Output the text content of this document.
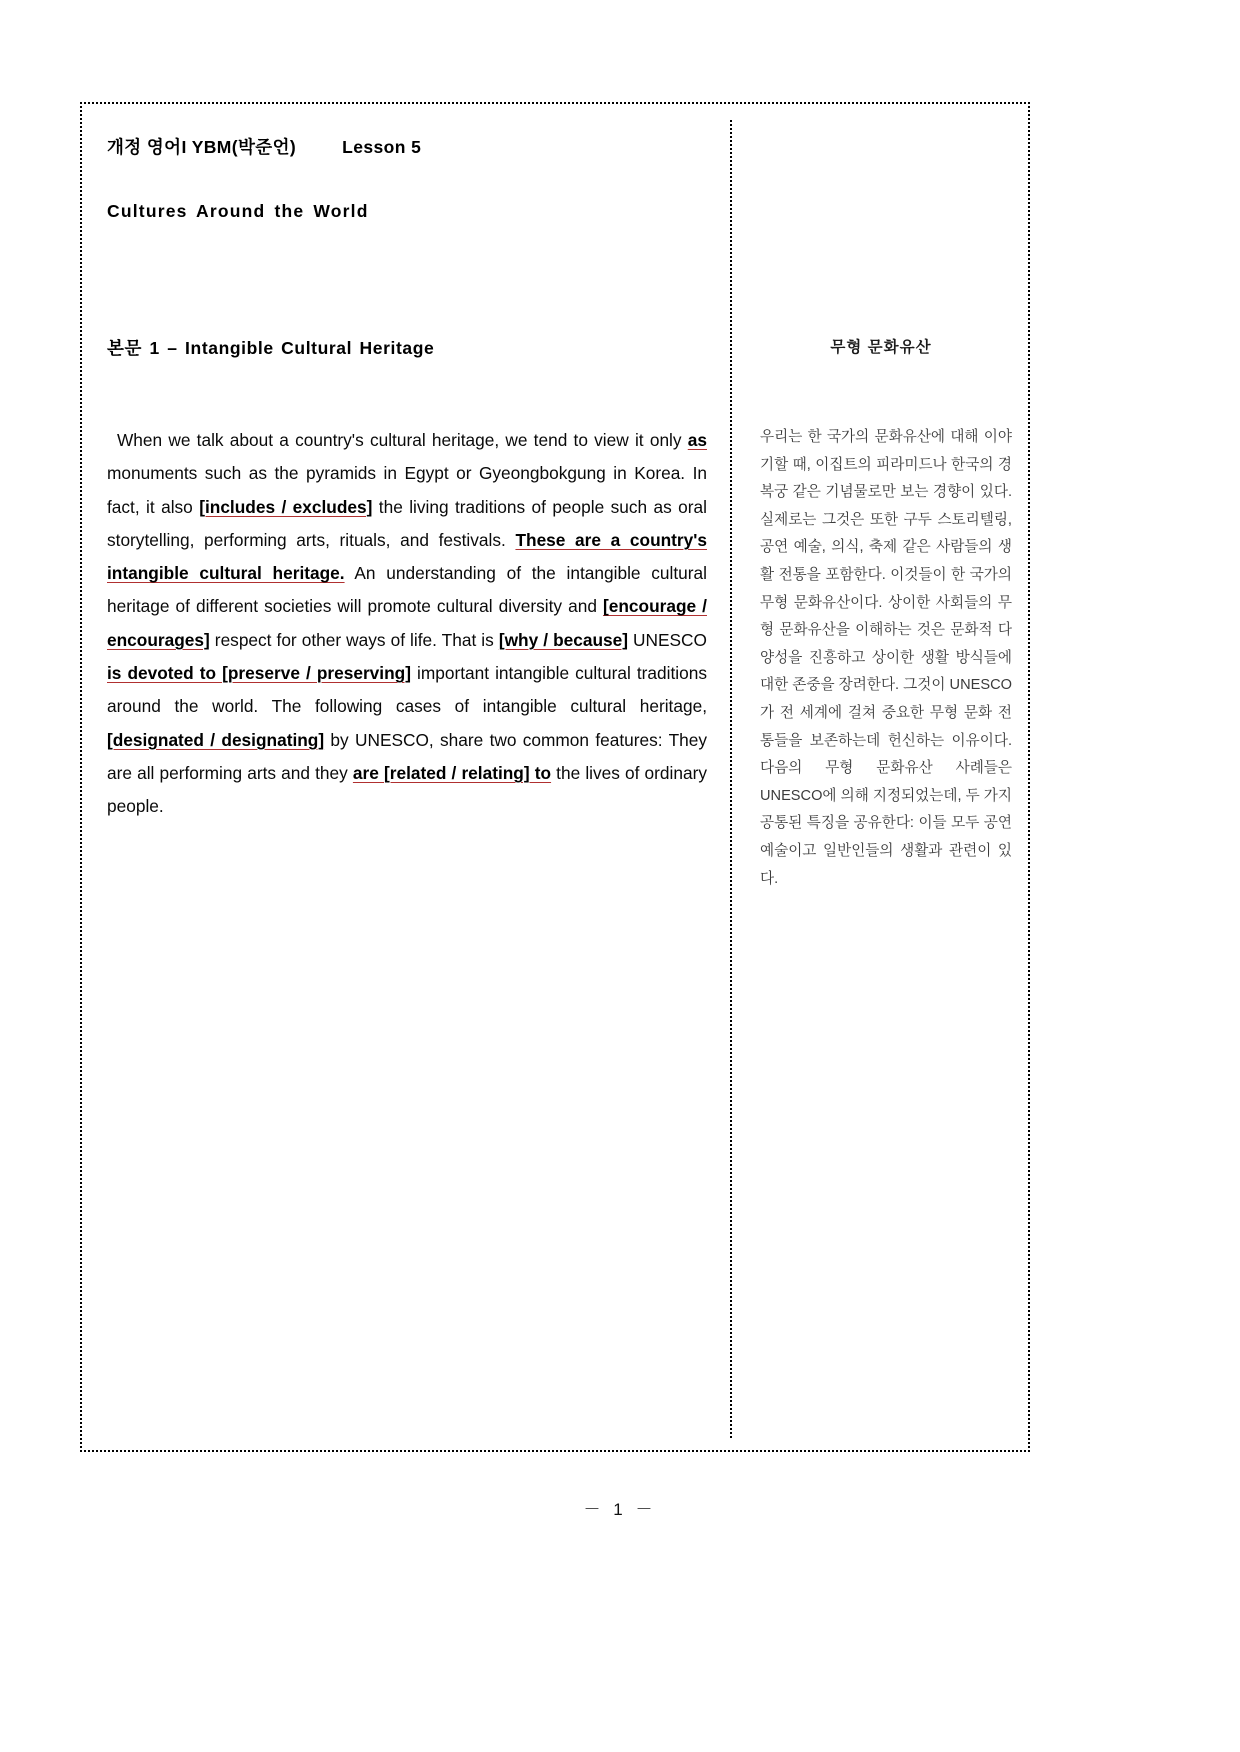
개정 영어I YBM(박준언)	Lesson 5
Cultures Around the World
본문 1 – Intangible Cultural Heritage	무형 문화유산
When we talk about a country's cultural heritage, we tend to view it only as monuments such as the pyramids in Egypt or Gyeongbokgung in Korea. In fact, it also [includes / excludes] the living traditions of people such as oral storytelling, performing arts, rituals, and festivals. These are a country's intangible cultural heritage. An understanding of the intangible cultural heritage of different societies will promote cultural diversity and [encourage / encourages] respect for other ways of life. That is [why / because] UNESCO is devoted to [preserve / preserving] important intangible cultural traditions around the world. The following cases of intangible cultural heritage, [designated / designating] by UNESCO, share two common features: They are all performing arts and they are [related / relating] to the lives of ordinary people.
우리는 한 국가의 문화유산에 대해 이야기할 때, 이집트의 피라미드나 한국의 경복궁 같은 기념물로만 보는 경향이 있다. 실제로는 그것은 또한 구두 스토리텔링, 공연 예술, 의식, 축제 같은 사람들의 생활 전통을 포함한다. 이것들이 한 국가의 무형 문화유산이다. 상이한 사회들의 무형 문화유산을 이해하는 것은 문화적 다양성을 진흥하고 상이한 생활 방식들에 대한 존중을 장려한다. 그것이 UNESCO가 전 세계에 걸쳐 중요한 무형 문화 전통들을 보존하는데 헌신하는 이유이다. 다음의 무형 문화유산 사례들은 UNESCO에 의해 지정되었는데, 두 가지 공통된 특징을 공유한다: 이들 모두 공연예술이고 일반인들의 생활과 관련이 있다.
－ 1 －
